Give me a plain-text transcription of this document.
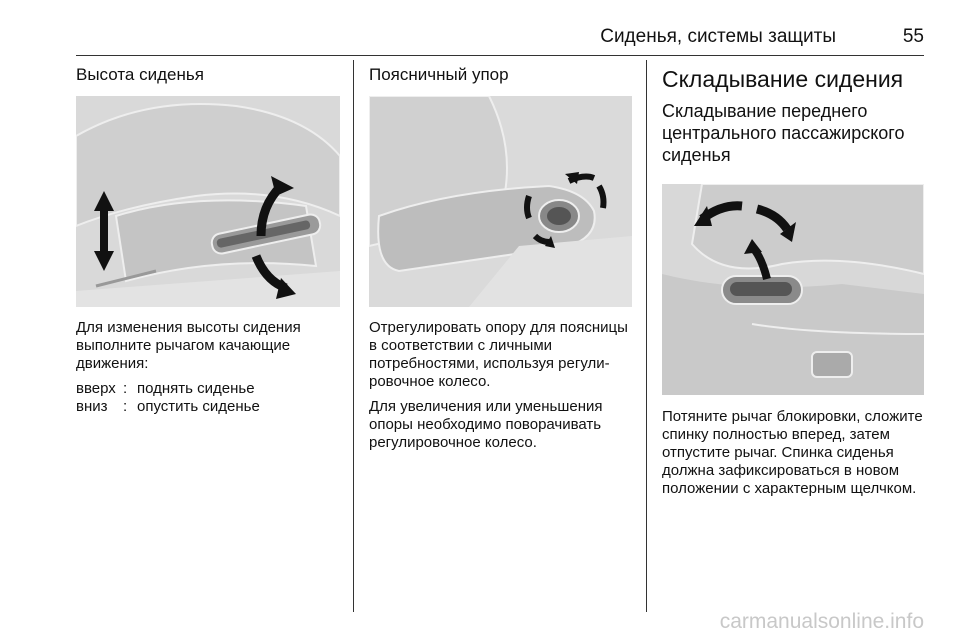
Сиденья, системы защиты	55
Высота сиденья

Для изменения высоты сидения выполните рычагом качающие движения:

вверх	:	поднять сиденье
вниз	:	опустить сиденье
Поясничный упор

Отрегулировать опору для поясницы в соответствии с личными потребностями, используя регулировочное колесо.

Для увеличения или уменьшения опоры необходимо поворачивать регулировочное колесо.

Складывание сидения
Складывание переднего центрального пассажирского сиденья

Потяните рычаг блокировки, сложите спинку полностью вперед, затем отпустите рычаг. Спинка сиденья должна зафиксироваться в новом положении с характерным щелчком.

carmanualsonline.info
